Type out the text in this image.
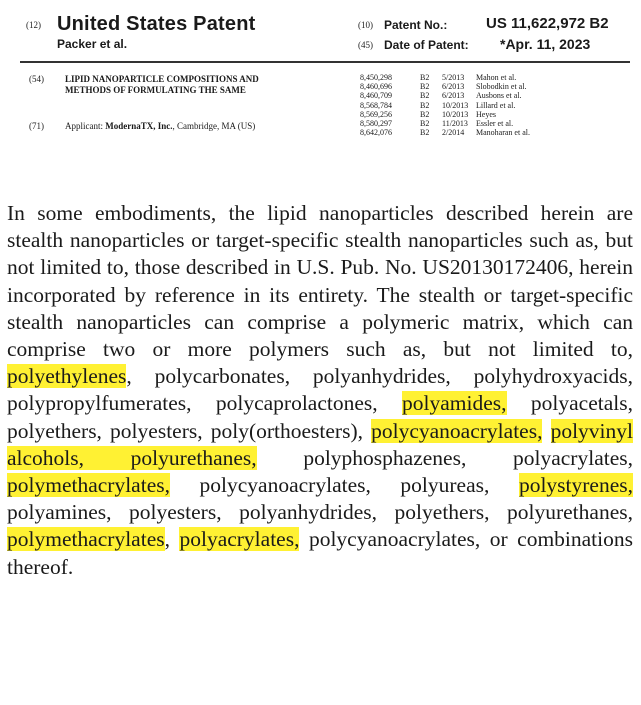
(12) United States Patent
Packer et al.
(10) Patent No.:	US 11,622,972 B2
(45) Date of Patent: *Apr. 11, 2023
(54) LIPID NANOPARTICLE COMPOSITIONS AND METHODS OF FORMULATING THE SAME
(71) Applicant: ModernaTX, Inc., Cambridge, MA (US)
8,450,298	B2	5/2013	Mahon et al.
8,460,696	B2	6/2013	Slobodkin et al.
8,460,709	B2	6/2013	Ausbons et al.
8,568,784	B2	10/2013 Lillard et al.
8,569,256	B2	10/2013 Heyes
8,580,297	B2	11/2013	Essler et al.
8,642,076	B2	2/2014	Manoharan et al.
In some embodiments, the lipid nanoparticles described herein are stealth nanoparticles or target-specific stealth nanoparticles such as, but not limited to, those described in U.S. Pub. No. US20130172406, herein incorporated by reference in its entirety. The stealth or target-specific stealth nanoparticles can comprise a polymeric matrix, which can comprise two or more polymers such as, but not limited to, polyethylenes, polycarbonates, polyanhydrides, polyhydroxyacids, polypropylfumerates, polycaprolactones, polyamides, polyacetals, polyethers, polyesters, poly(orthoesters), polycyanoacrylates, polyvinyl alcohols, polyurethanes, polyphosphazenes, polyacrylates, polymethacrylates, polycyanoacrylates, polyureas, polystyrenes, polyamines, polyesters, polyanhydrides, polyethers, polyurethanes, polymethacrylates, polyacrylates, polycyanoacrylates, or combinations thereof.
